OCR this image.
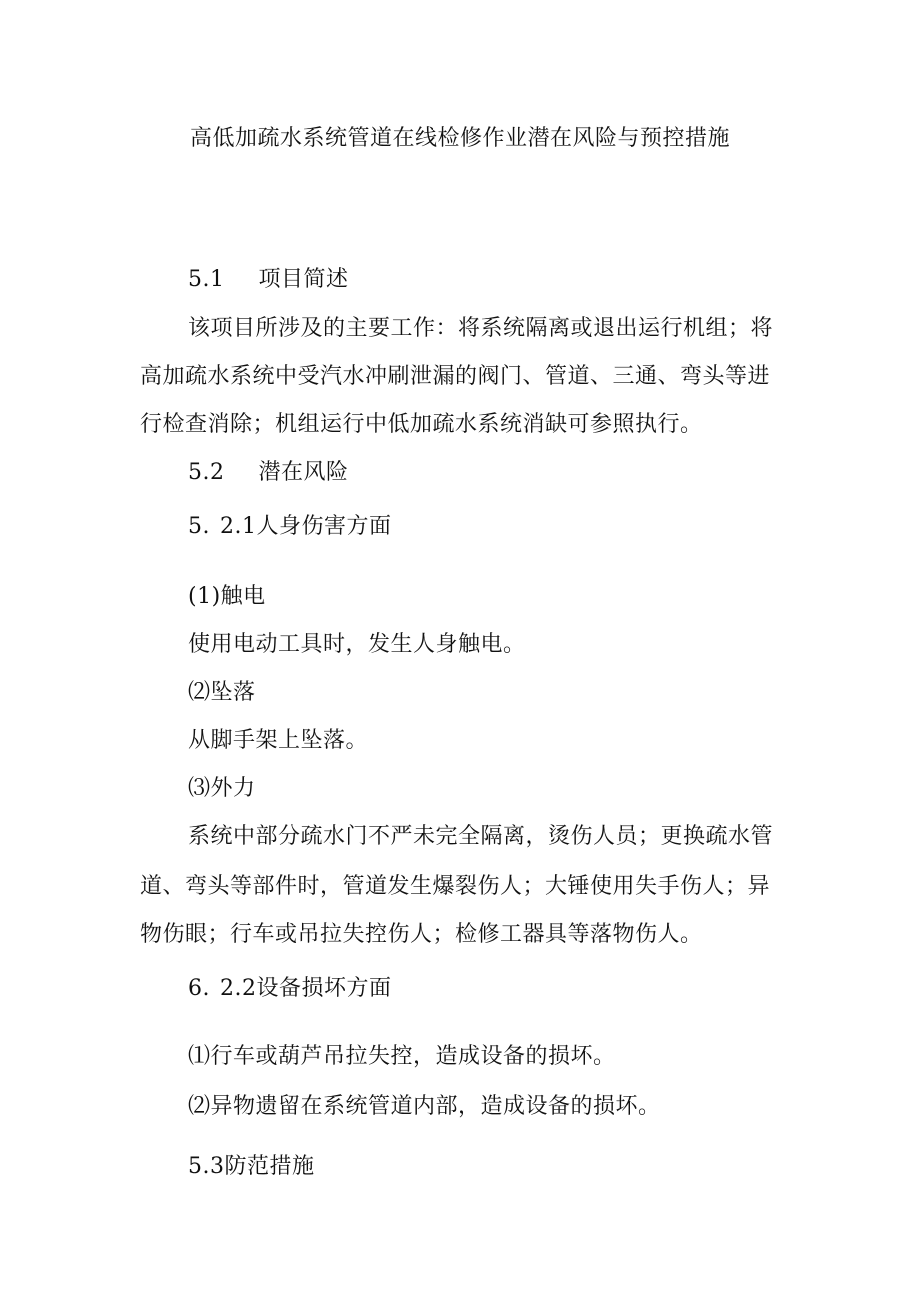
高低加疏水系统管道在线检修作业潜在风险与预控措施
5.1 项目简述
该项目所涉及的主要工作：将系统隔离或退出运行机组；将
高加疏水系统中受汽水冲刷泄漏的阀门、管道、三通、弯头等进
行检查消除；机组运行中低加疏水系统消缺可参照执行。
5.2 潜在风险
5. 2.1人身伤害方面
(1)触电
使用电动工具时，发生人身触电。
⑵坠落
从脚手架上坠落。
⑶外力
系统中部分疏水门不严未完全隔离，烫伤人员；更换疏水管
道、弯头等部件时，管道发生爆裂伤人；大锤使用失手伤人；异
物伤眼；行车或吊拉失控伤人；检修工器具等落物伤人。
6. 2.2设备损坏方面
⑴行车或葫芦吊拉失控，造成设备的损坏。
⑵异物遗留在系统管道内部，造成设备的损坏。
5.3防范措施
